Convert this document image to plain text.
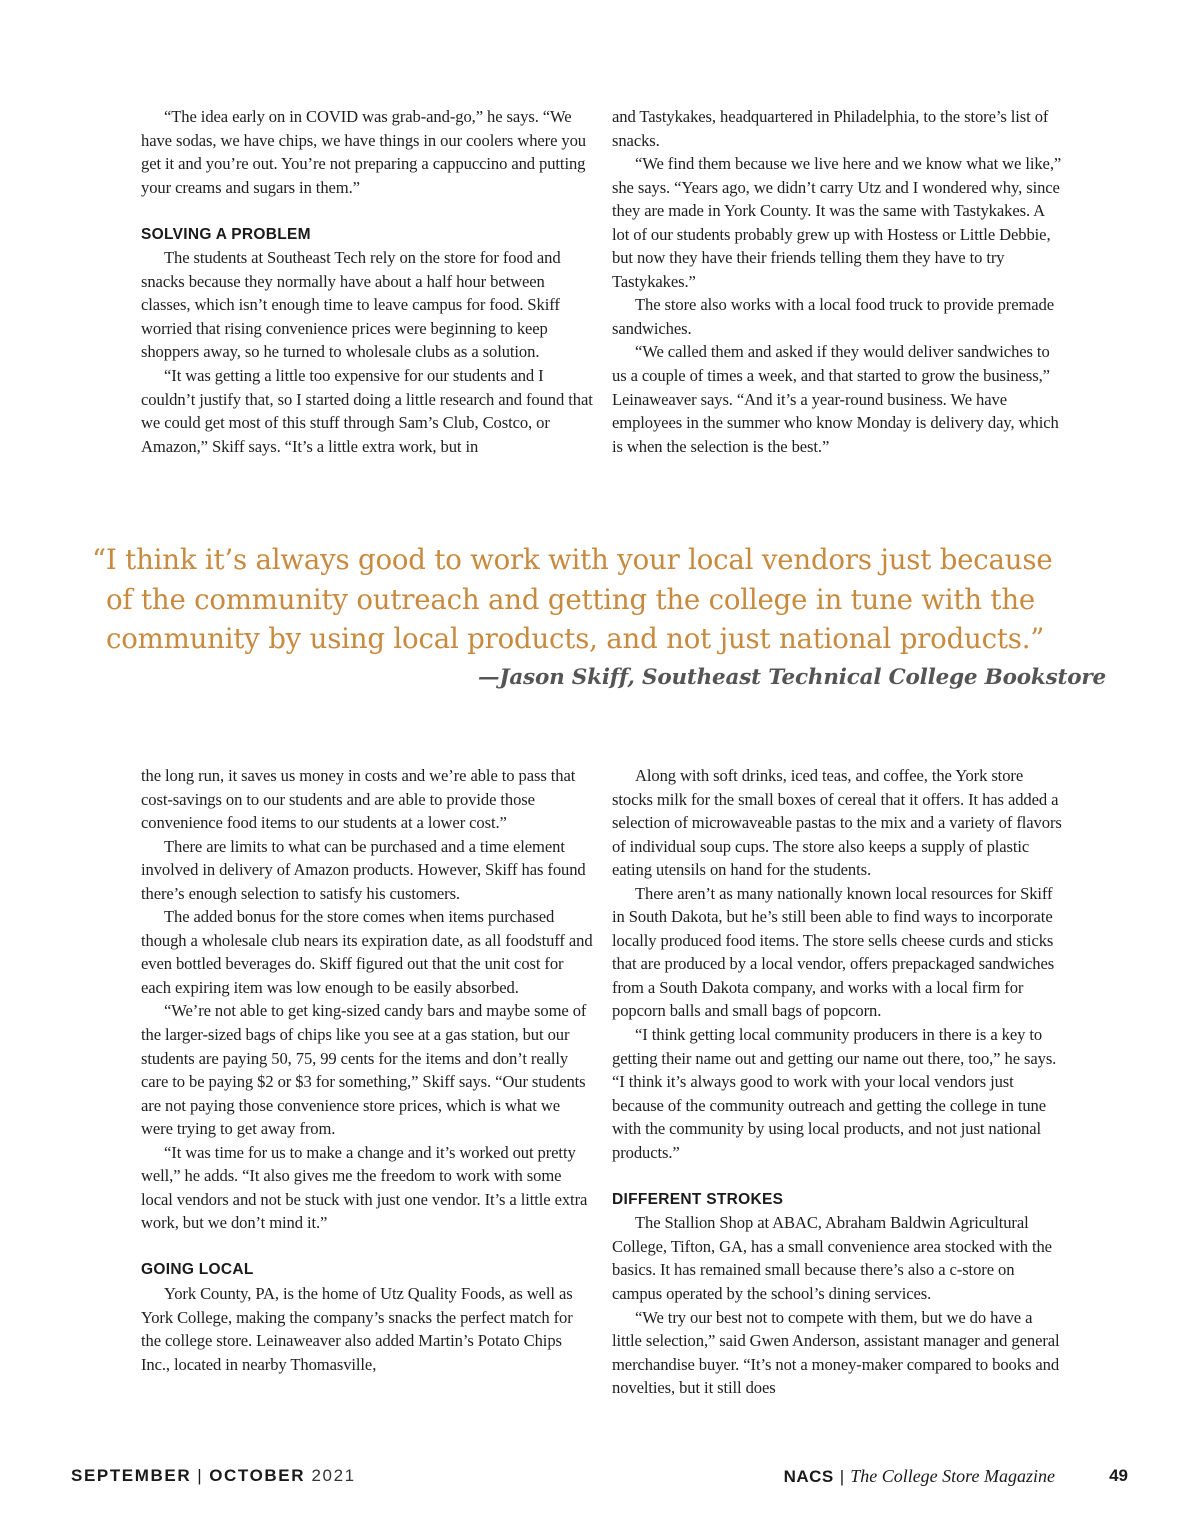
“The idea early on in COVID was grab-and-go,” he says. “We have sodas, we have chips, we have things in our coolers where you get it and you’re out. You’re not preparing a cappuccino and putting your creams and sugars in them.”

SOLVING A PROBLEM

The students at Southeast Tech rely on the store for food and snacks because they normally have about a half hour between classes, which isn’t enough time to leave campus for food. Skiff worried that rising convenience prices were beginning to keep shoppers away, so he turned to wholesale clubs as a solution.

“It was getting a little too expensive for our students and I couldn’t justify that, so I started doing a little research and found that we could get most of this stuff through Sam’s Club, Costco, or Amazon,” Skiff says. “It’s a little extra work, but in

and Tastykakes, headquartered in Philadelphia, to the store’s list of snacks.

“We find them because we live here and we know what we like,” she says. “Years ago, we didn’t carry Utz and I wondered why, since they are made in York County. It was the same with Tastykakes. A lot of our students probably grew up with Hostess or Little Debbie, but now they have their friends telling them they have to try Tastykakes.”

The store also works with a local food truck to provide premade sandwiches.

“We called them and asked if they would deliver sandwiches to us a couple of times a week, and that started to grow the business,” Leinaweaver says. “And it’s a year-round business. We have employees in the summer who know Monday is delivery day, which is when the selection is the best.”

“I think it’s always good to work with your local vendors just because
of the community outreach and getting the college in tune with the
community by using local products, and not just national products.”
—Jason Skiff, Southeast Technical College Bookstore

the long run, it saves us money in costs and we’re able to pass that cost-savings on to our students and are able to provide those convenience food items to our students at a lower cost.”

There are limits to what can be purchased and a time element involved in delivery of Amazon products. However, Skiff has found there’s enough selection to satisfy his customers.

The added bonus for the store comes when items purchased though a wholesale club nears its expiration date, as all foodstuff and even bottled beverages do. Skiff figured out that the unit cost for each expiring item was low enough to be easily absorbed.

“We’re not able to get king-sized candy bars and maybe some of the larger-sized bags of chips like you see at a gas station, but our students are paying 50, 75, 99 cents for the items and don’t really care to be paying $2 or $3 for something,” Skiff says. “Our students are not paying those convenience store prices, which is what we were trying to get away from.

“It was time for us to make a change and it’s worked out pretty well,” he adds. “It also gives me the freedom to work with some local vendors and not be stuck with just one vendor. It’s a little extra work, but we don’t mind it.”

GOING LOCAL

York County, PA, is the home of Utz Quality Foods, as well as York College, making the company’s snacks the perfect match for the college store. Leinaweaver also added Martin’s Potato Chips Inc., located in nearby Thomasville,

Along with soft drinks, iced teas, and coffee, the York store stocks milk for the small boxes of cereal that it offers. It has added a selection of microwaveable pastas to the mix and a variety of flavors of individual soup cups. The store also keeps a supply of plastic eating utensils on hand for the students.

There aren’t as many nationally known local resources for Skiff in South Dakota, but he’s still been able to find ways to incorporate locally produced food items. The store sells cheese curds and sticks that are produced by a local vendor, offers prepackaged sandwiches from a South Dakota company, and works with a local firm for popcorn balls and small bags of popcorn.

“I think getting local community producers in there is a key to getting their name out and getting our name out there, too,” he says. “I think it’s always good to work with your local vendors just because of the community outreach and getting the college in tune with the community by using local products, and not just national products.”

DIFFERENT STROKES

The Stallion Shop at ABAC, Abraham Baldwin Agricultural College, Tifton, GA, has a small convenience area stocked with the basics. It has remained small because there’s also a c-store on campus operated by the school’s dining services.

“We try our best not to compete with them, but we do have a little selection,” said Gwen Anderson, assistant manager and general merchandise buyer. “It’s not a money-maker compared to books and novelties, but it still does

SEPTEMBER | OCTOBER 2021	NACS | The College Store Magazine	49
